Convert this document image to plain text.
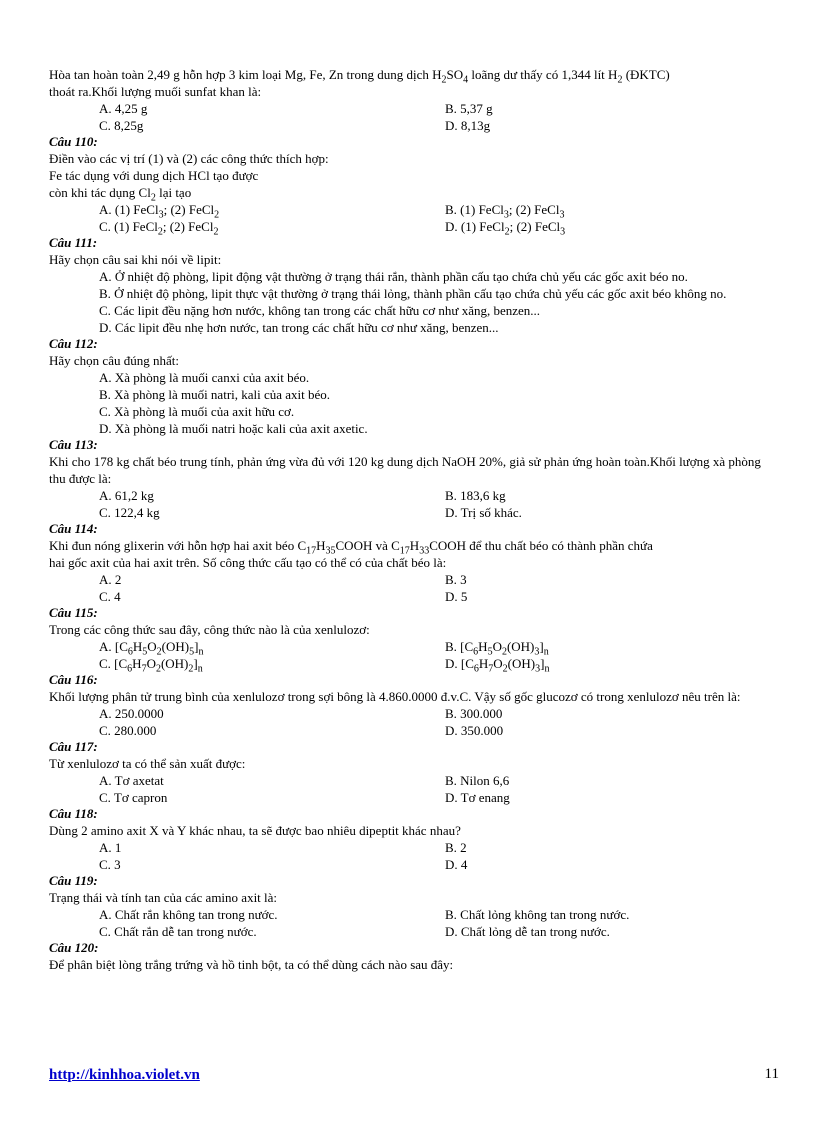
Hòa tan hoàn toàn 2,49 g hỗn hợp 3 kim loại Mg, Fe, Zn trong dung dịch $H_2SO_4$ loãng dư thấy có 1,344 lít $H_2$ (ĐKTC)

thoát ra.Khối lượng muối sunfat khan là:

A. 4,25 g	B. 5,37 g
C. 8,25g	D. 8,13g

Câu 110:

Điền vào các vị trí (1) và (2) các công thức thích hợp:

Fe tác dụng với dung dịch HCl tạo được

còn khi tác dụng $Cl_2$ lại tạo

A. (1) FeCl$_3$; (2) FeCl$_2$	B. (1) FeCl$_3$; (2) FeCl$_3$
C. (1) FeCl$_2$; (2) FeCl$_2$	D. (1) FeCl$_2$; (2) FeCl$_3$

Câu 111:

Hãy chọn câu sai khi nói về lipit:

A. Ở nhiệt độ phòng, lipit động vật thường ở trạng thái rắn, thành phần cấu tạo chứa chủ yếu các gốc axit béo no.

B. Ở nhiệt độ phòng, lipit thực vật thường ở trạng thái lỏng, thành phần cấu tạo chứa chủ yếu các gốc axit béo không no.

C. Các lipit đều nặng hơn nước, không tan trong các chất hữu cơ như xăng, benzen...

D. Các lipit đều nhẹ hơn nước, tan trong các chất hữu cơ như xăng, benzen...

Câu 112:

Hãy chọn câu đúng nhất:

A. Xà phòng là muối canxi của axit béo.
B. Xà phòng là muối natri, kali của axit béo.
C. Xà phòng là muối của axit hữu cơ.
D. Xà phòng là muối natri hoặc kali của axit axetic.

Câu 113:

Khi cho 178 kg chất béo trung tính, phản ứng vừa đủ với 120 kg dung dịch NaOH 20%, giả sử phản ứng hoàn toàn.Khối lượng xà phòng thu được là:

A. 61,2 kg	B. 183,6 kg
C. 122,4 kg	D. Trị số khác.

Câu 114:

Khi đun nóng glixerin với hỗn hợp hai axit béo $C_{17}H_{35}COOH$ và $C_{17}H_{33}COOH$ để thu chất béo có thành phần chứa

hai gốc axit của hai axit trên. Số công thức cấu tạo có thể có của chất béo là:

A. 2	B. 3
C. 4	D. 5

Câu 115:

Trong các công thức sau đây, công thức nào là của xenlulozơ:

A. $[C_6H_5O_2(OH)_5]_n$	B. $[C_6H_5O_2(OH)_3]_n$
C. $[C_6H_7O_2(OH)_2]_n$	D. $[C_6H_7O_2(OH)_3]_n$

Câu 116:

Khối lượng phân tử trung bình của xenlulozơ trong sợi bông là 4.860.0000 đ.v.C. Vậy số gốc glucozơ có trong xenlulozơ nêu trên là:

A. 250.0000	B. 300.000
C. 280.000	D. 350.000

Câu 117:

Từ xenlulozơ ta có thể sản xuất được:

A. Tơ axetat	B. Nilon 6,6
C. Tơ capron	D. Tơ enang

Câu 118:

Dùng 2 amino axit X và Y khác nhau, ta sẽ được bao nhiêu dipeptit khác nhau?

A. 1	B. 2
C. 3	D. 4

Câu 119:

Trạng thái và tính tan của các amino axit là:

A. Chất rắn không tan trong nước.	B. Chất lỏng không tan trong nước.
C. Chất rắn dễ tan trong nước.	D. Chất lỏng dễ tan trong nước.

Câu 120:

Để phân biệt lòng trắng trứng và hồ tinh bột, ta có thể dùng cách nào sau đây:

http://kinhhoa.violet.vn	11
